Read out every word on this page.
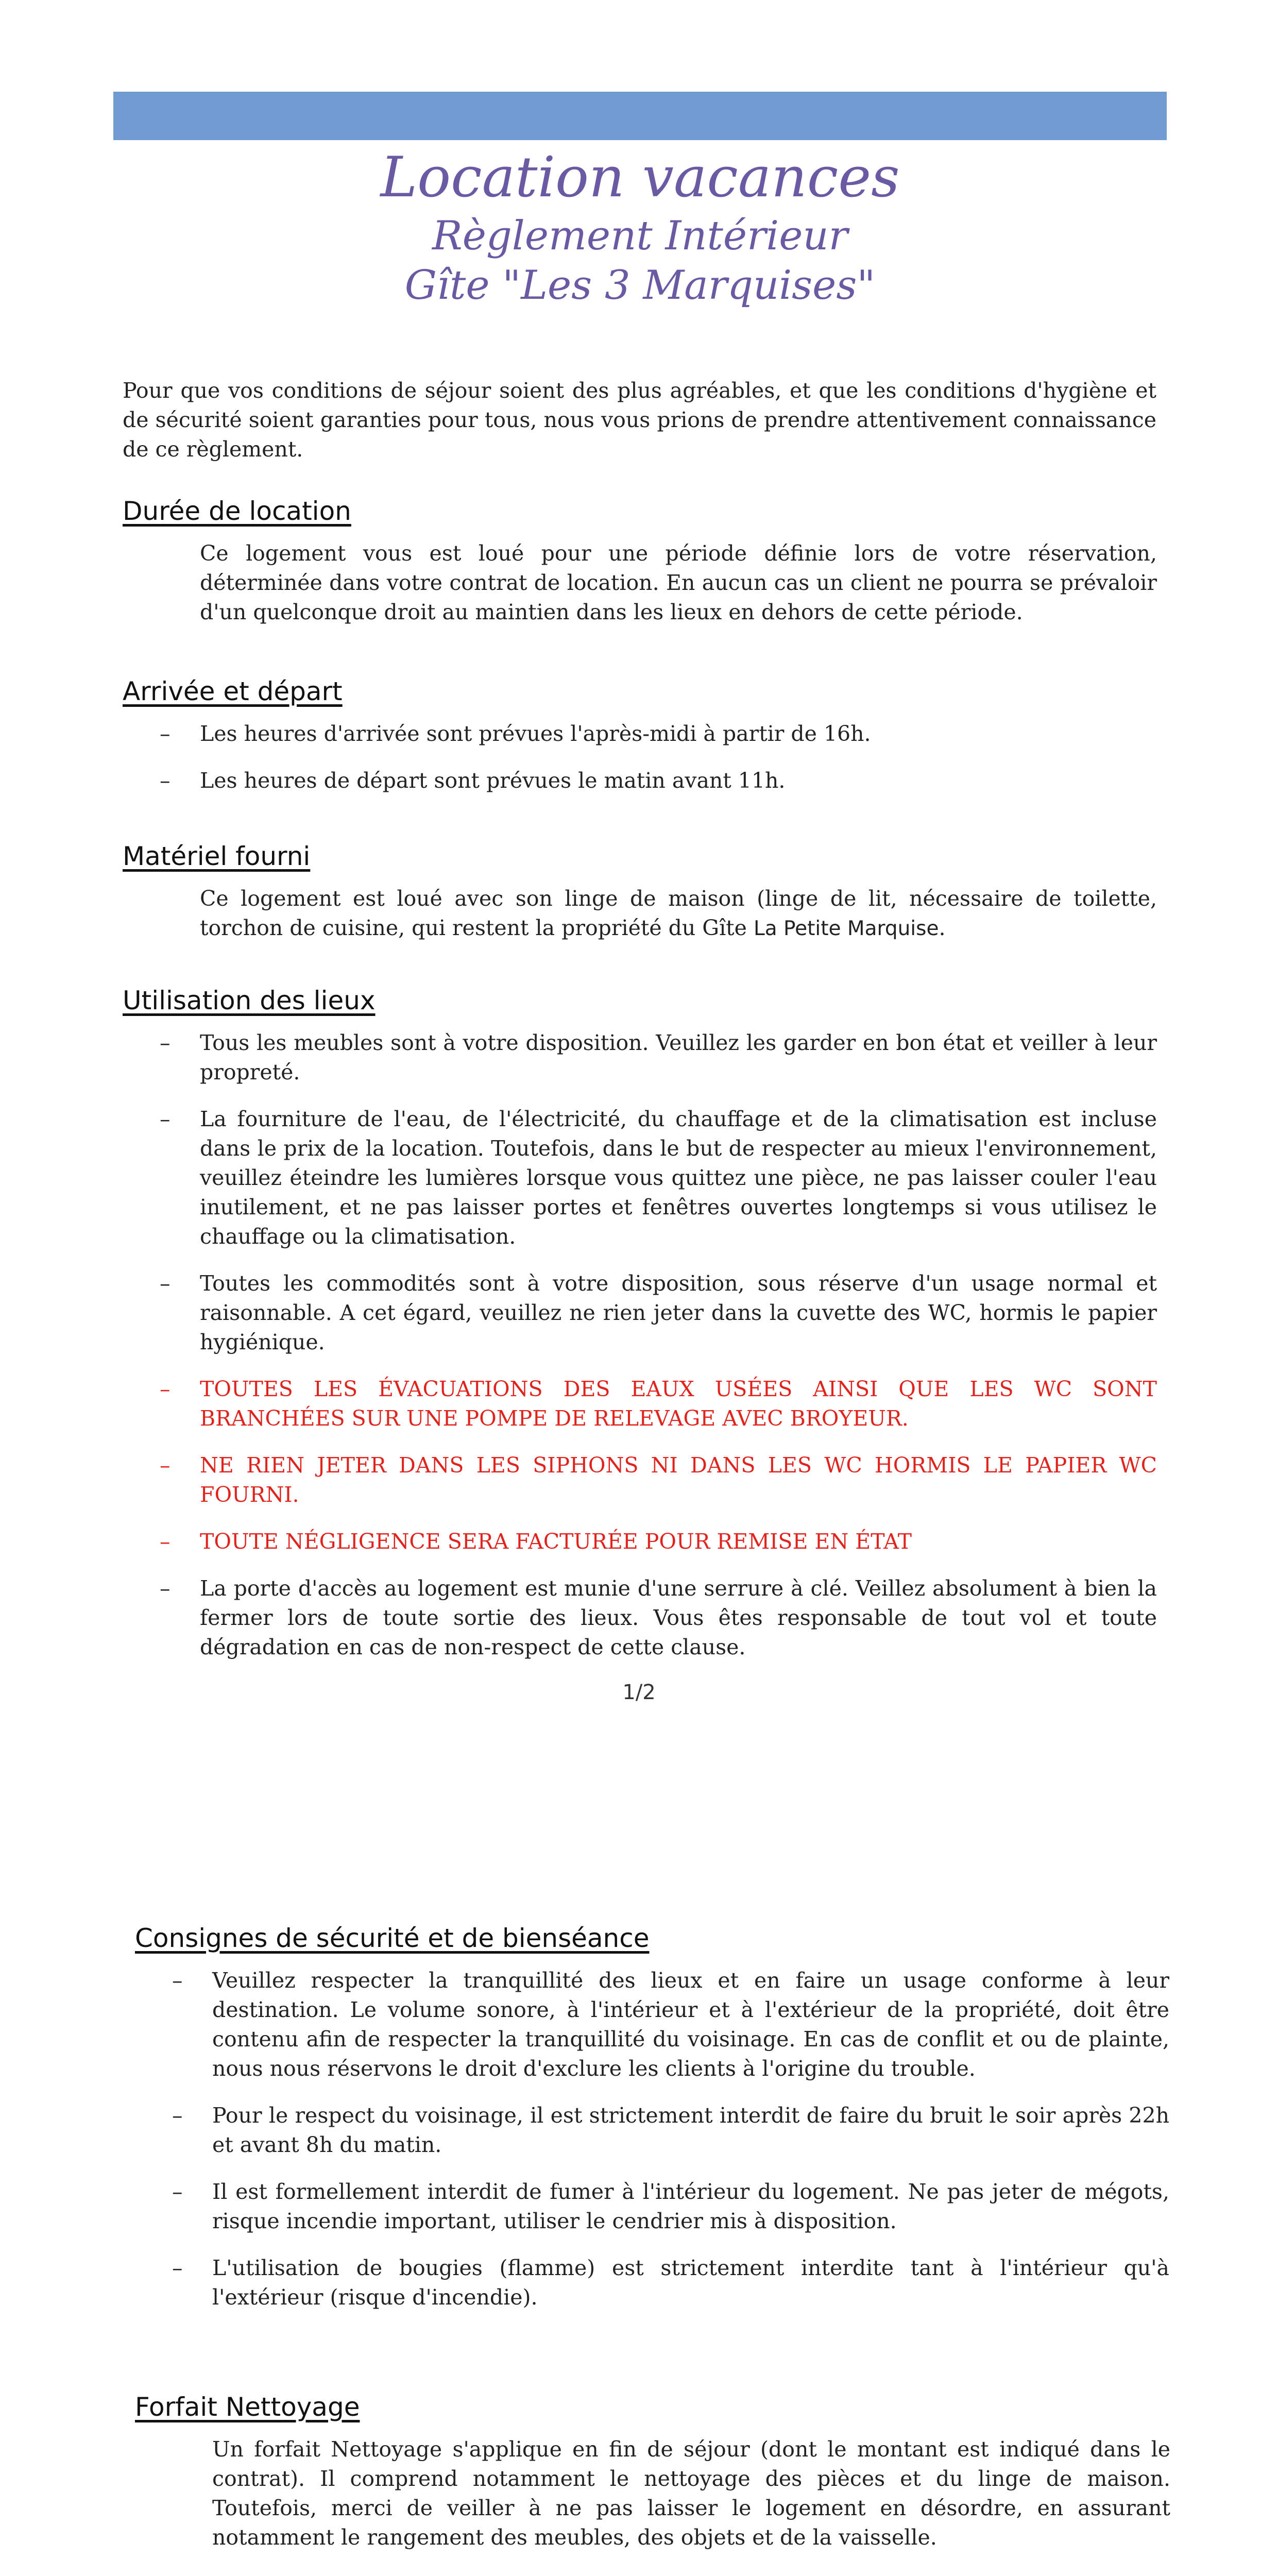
Location vacances
Règlement Intérieur
Gîte "Les 3 Marquises"

Pour que vos conditions de séjour soient des plus agréables, et que les conditions d'hygiène et de sécurité soient garanties pour tous, nous vous prions de prendre attentivement connaissance de ce règlement.

Durée de location

Ce logement vous est loué pour une période définie lors de votre réservation, déterminée dans votre contrat de location. En aucun cas un client ne pourra se prévaloir d'un quelconque droit au maintien dans les lieux en dehors de cette période.

Arrivée et départ
– Les heures d'arrivée sont prévues l'après-midi à partir de 16h.
– Les heures de départ sont prévues le matin avant 11h.
Matériel fourni

Ce logement est loué avec son linge de maison (linge de lit, nécessaire de toilette, torchon de cuisine, qui restent la propriété du Gîte La Petite Marquise.

Utilisation des lieux
– Tous les meubles sont à votre disposition. Veuillez les garder en bon état et veiller à leur propreté.
– La fourniture de l'eau, de l'électricité, du chauffage et de la climatisation est incluse dans le prix de la location. Toutefois, dans le but de respecter au mieux l'environnement, veuillez éteindre les lumières lorsque vous quittez une pièce, ne pas laisser couler l'eau inutilement, et ne pas laisser portes et fenêtres ouvertes longtemps si vous utilisez le chauffage ou la climatisation.
– Toutes les commodités sont à votre disposition, sous réserve d'un usage normal et raisonnable. A cet égard, veuillez ne rien jeter dans la cuvette des WC, hormis le papier hygiénique.
– TOUTES LES ÉVACUATIONS DES EAUX USÉES AINSI QUE LES WC SONT BRANCHÉES SUR UNE POMPE DE RELEVAGE AVEC BROYEUR.
– NE RIEN JETER DANS LES SIPHONS NI DANS LES WC HORMIS LE PAPIER WC FOURNI.
– TOUTE NÉGLIGENCE SERA FACTURÉE POUR REMISE EN ÉTAT
– La porte d'accès au logement est munie d'une serrure à clé. Veillez absolument à bien la fermer lors de toute sortie des lieux. Vous êtes responsable de tout vol et toute dégradation en cas de non-respect de cette clause.
1/2
Consignes de sécurité et de bienséance
– Veuillez respecter la tranquillité des lieux et en faire un usage conforme à leur destination. Le volume sonore, à l'intérieur et à l'extérieur de la propriété, doit être contenu afin de respecter la tranquillité du voisinage. En cas de conflit et ou de plainte, nous nous réservons le droit d'exclure les clients à l'origine du trouble.
– Pour le respect du voisinage, il est strictement interdit de faire du bruit le soir après 22h et avant 8h du matin.
– Il est formellement interdit de fumer à l'intérieur du logement. Ne pas jeter de mégots, risque incendie important, utiliser le cendrier mis à disposition.
– L'utilisation de bougies (flamme) est strictement interdite tant à l'intérieur qu'à l'extérieur (risque d'incendie).
Forfait Nettoyage

Un forfait Nettoyage s'applique en fin de séjour (dont le montant est indiqué dans le contrat). Il comprend notamment le nettoyage des pièces et du linge de maison. Toutefois, merci de veiller à ne pas laisser le logement en désordre, en assurant notamment le rangement des meubles, des objets et de la vaisselle.
